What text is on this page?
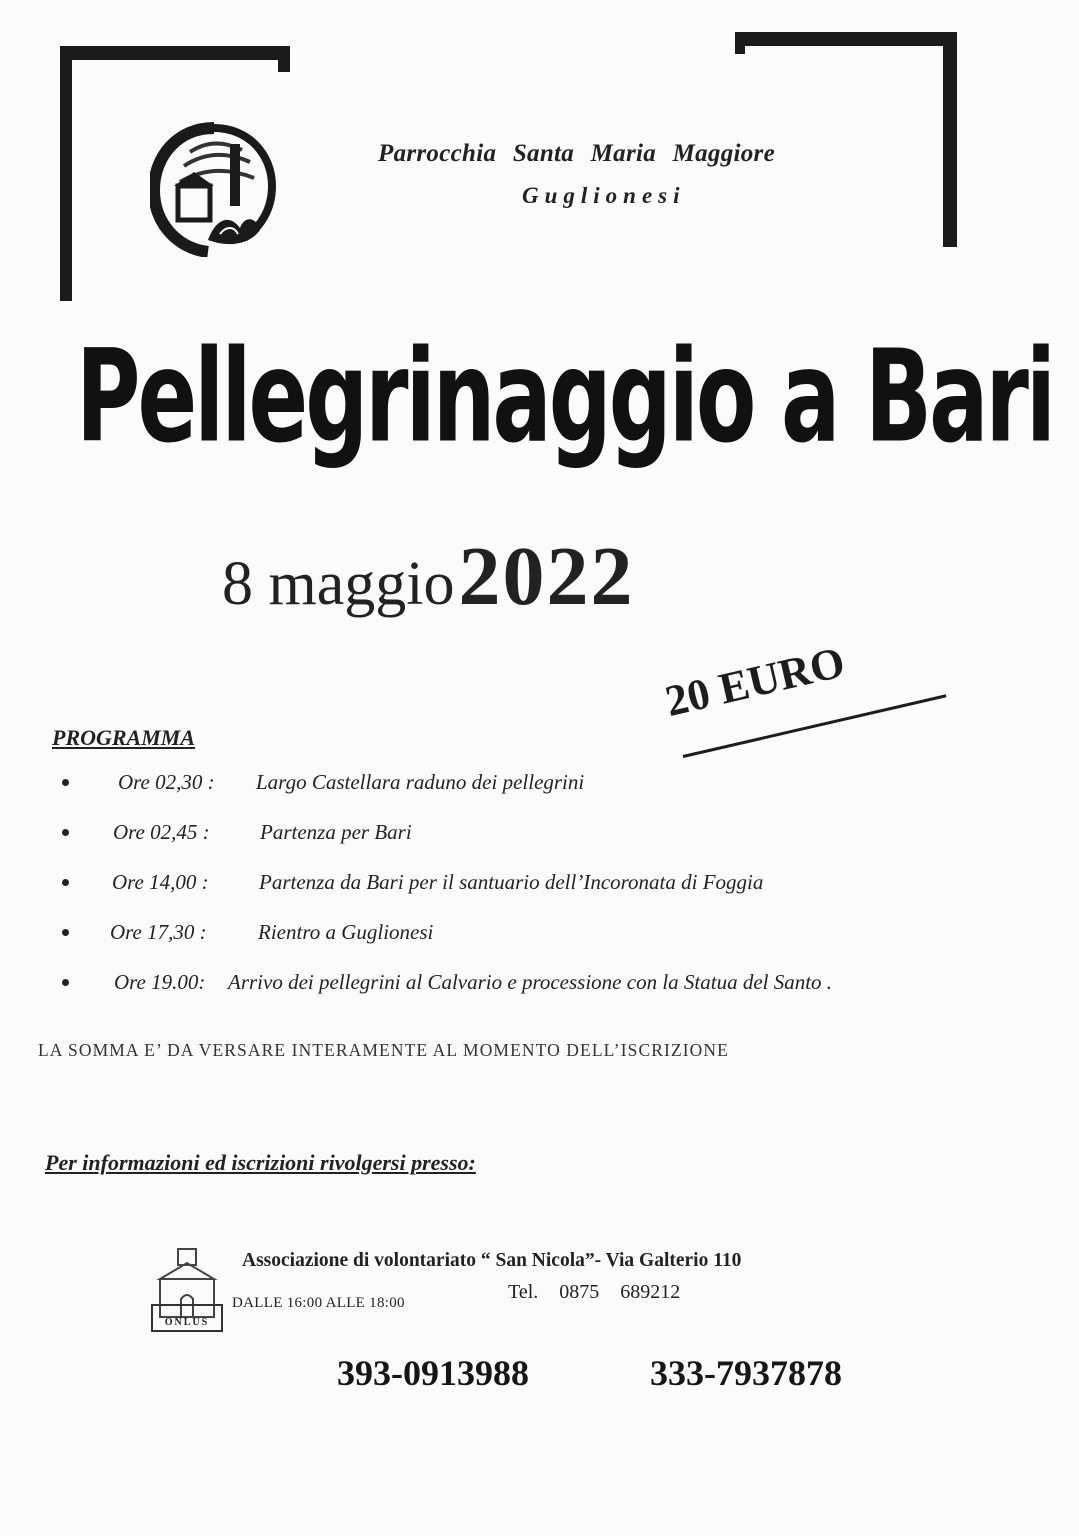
Parrocchia Santa Maria Maggiore
Guglionesi
Pellegrinaggio a Bari
8 maggio 2022
20 EURO
PROGRAMMA
Ore 02,30 : Largo Castellara raduno dei pellegrini
Ore 02,45 : Partenza per Bari
Ore 14,00 : Partenza da Bari per il santuario dell’Incoronata di Foggia
Ore 17,30 : Rientro a Guglionesi
Ore 19.00: Arrivo dei pellegrini al Calvario e processione con la Statua del Santo .
LA SOMMA E’ DA VERSARE INTERAMENTE AL MOMENTO DELL’ISCRIZIONE
Per informazioni ed iscrizioni rivolgersi presso:
ONLUS
Associazione di volontariato “ San Nicola”- Via Galterio 110
Tel. 0875 689212
DALLE 16:00 ALLE 18:00
393-0913988	333-7937878
